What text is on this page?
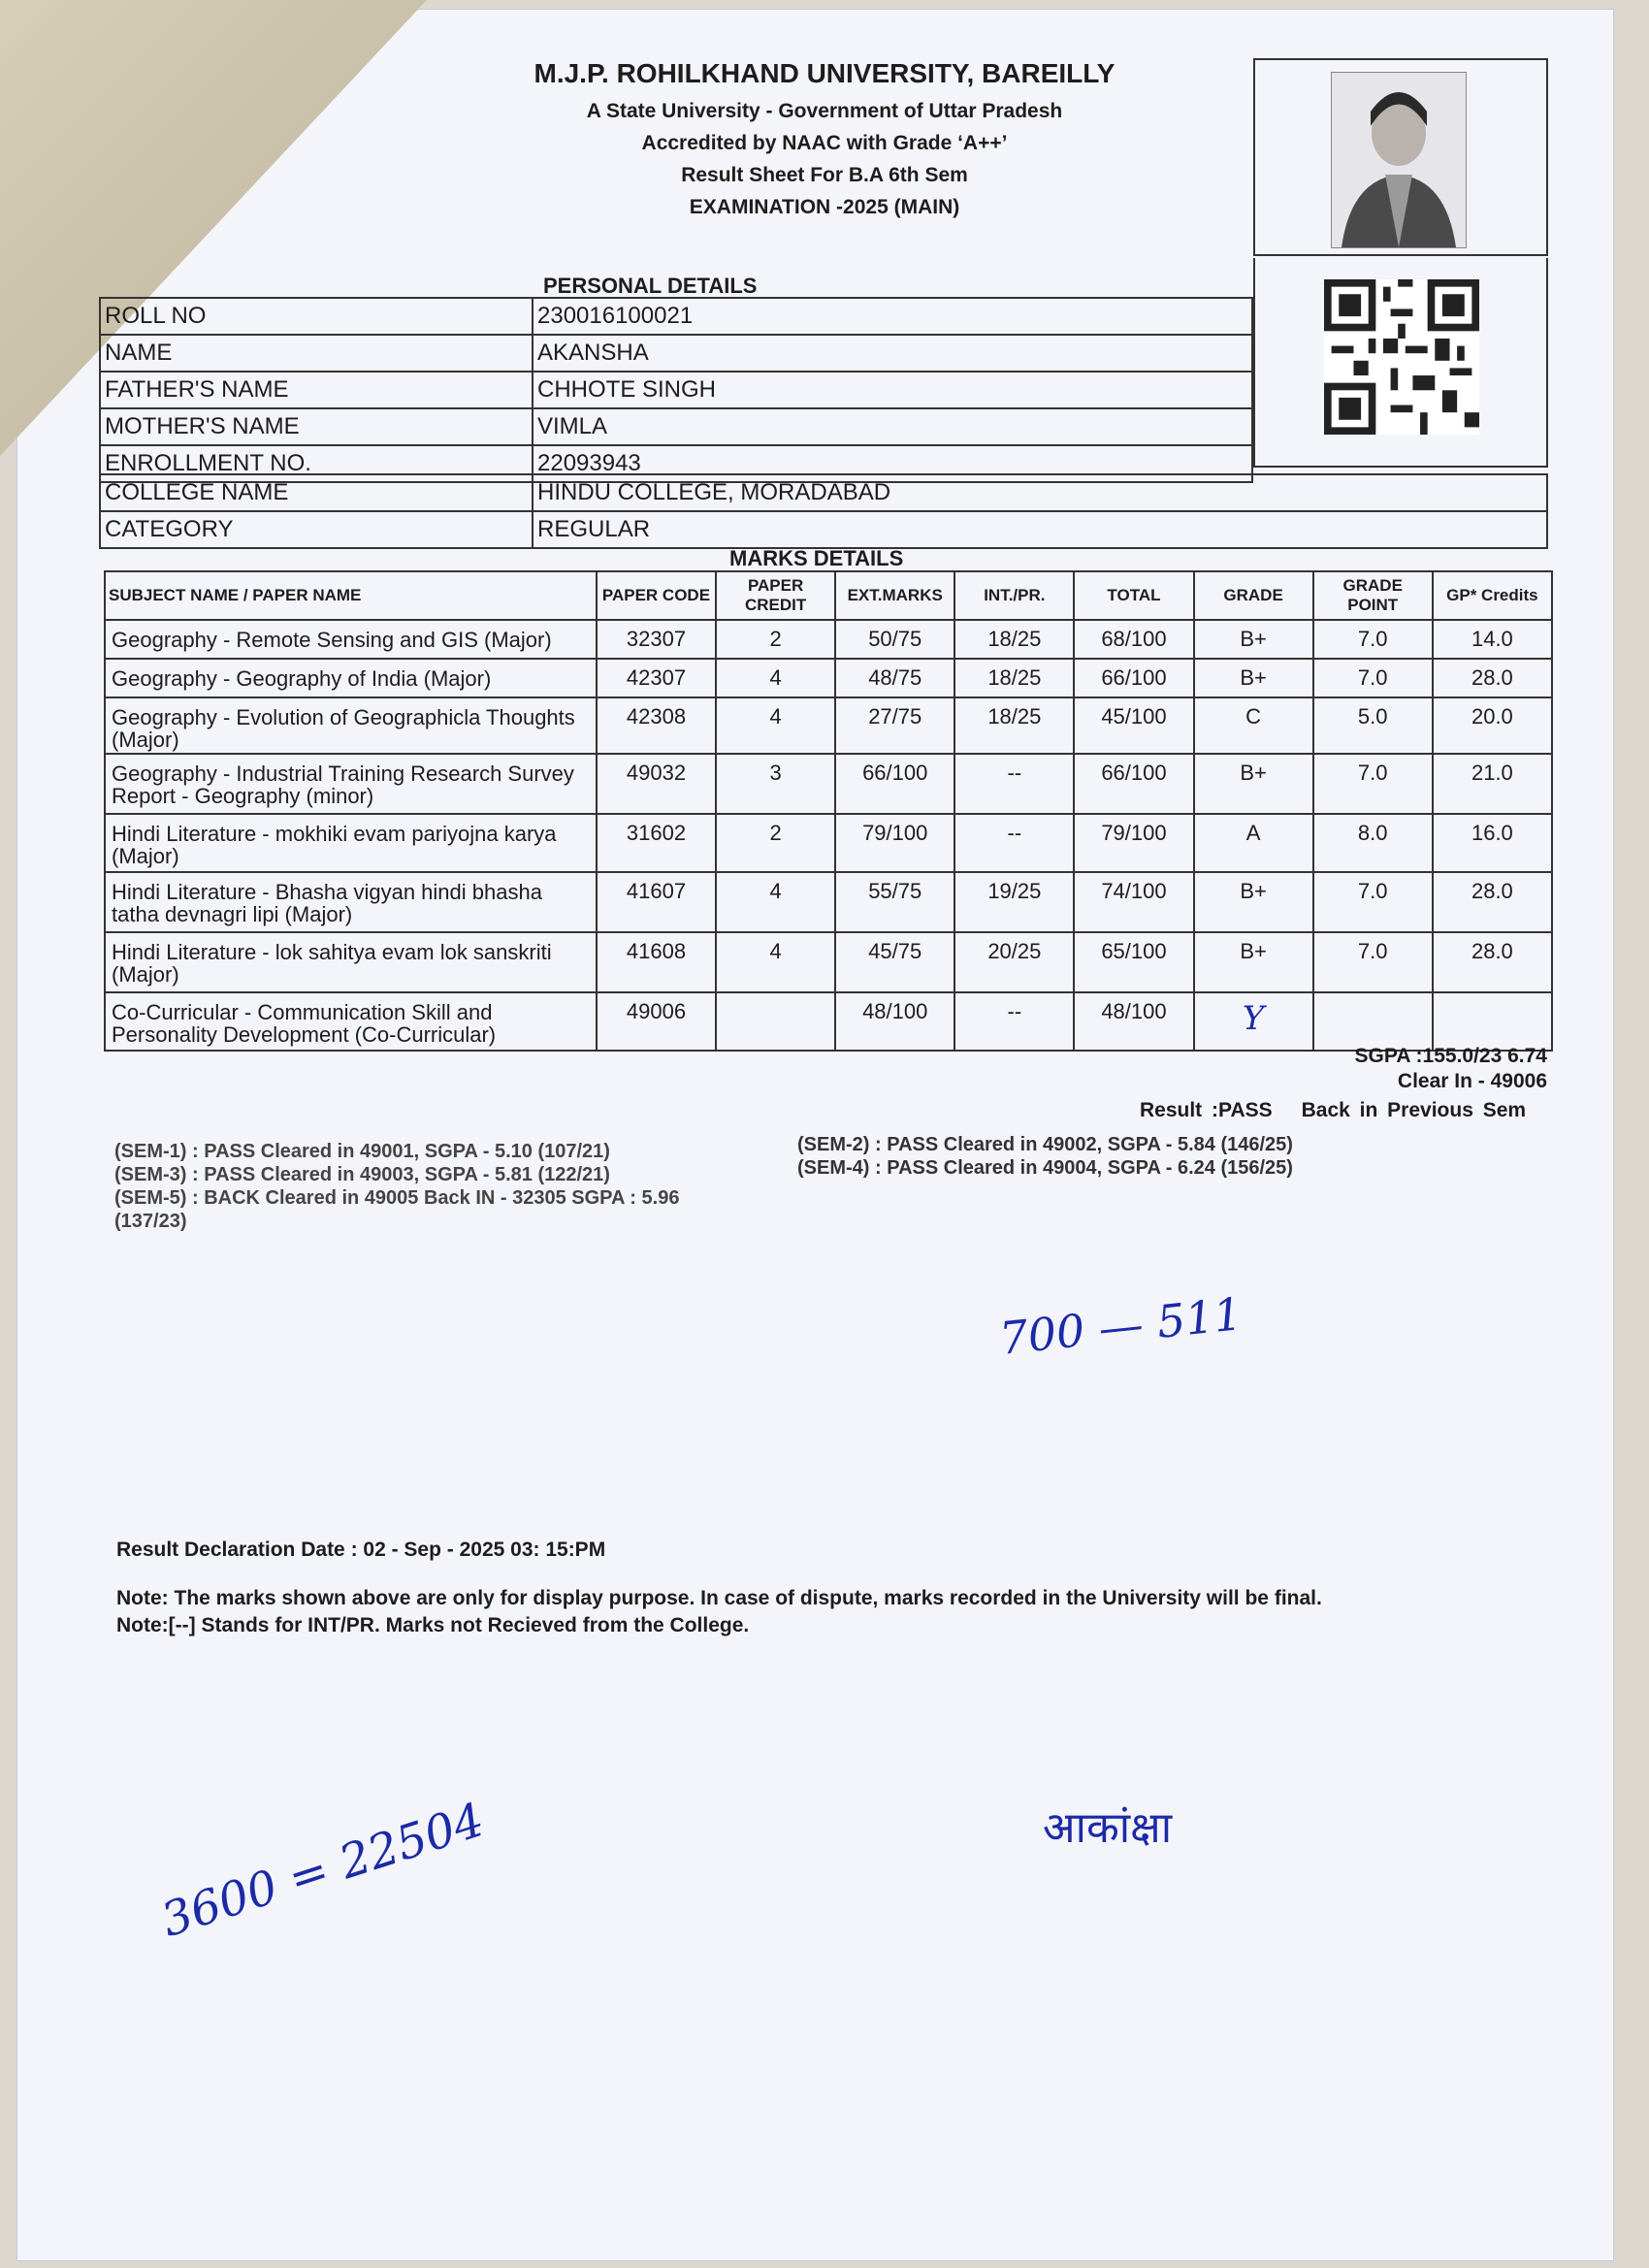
M.J.P. ROHILKHAND UNIVERSITY, BAREILLY
A State University - Government of Uttar Pradesh
Accredited by NAAC with Grade ‘A++’
Result Sheet For B.A 6th Sem
EXAMINATION -2025 (MAIN)
PERSONAL DETAILS
ROLL NO	230016100021
NAME	AKANSHA
FATHER'S NAME	CHHOTE SINGH
MOTHER'S NAME	VIMLA
ENROLLMENT NO.	22093943
COLLEGE NAME	HINDU COLLEGE, MORADABAD
CATEGORY	REGULAR
MARKS DETAILS
SUBJECT NAME / PAPER NAME	PAPER CODE	PAPER CREDIT	EXT.MARKS	INT./PR.	TOTAL	GRADE	GRADE POINT	GP* Credits
Geography - Remote Sensing and GIS (Major)	32307	2	50/75	18/25	68/100	B+	7.0	14.0
Geography - Geography of India (Major)	42307	4	48/75	18/25	66/100	B+	7.0	28.0
Geography - Evolution of Geographicla Thoughts (Major)	42308	4	27/75	18/25	45/100	C	5.0	20.0
Geography - Industrial Training Research Survey Report - Geography (minor)	49032	3	66/100	--	66/100	B+	7.0	21.0
Hindi Literature - mokhiki evam pariyojna karya (Major)	31602	2	79/100	--	79/100	A	8.0	16.0
Hindi Literature - Bhasha vigyan hindi bhasha tatha devnagri lipi (Major)	41607	4	55/75	19/25	74/100	B+	7.0	28.0
Hindi Literature - lok sahitya evam lok sanskriti (Major)	41608	4	45/75	20/25	65/100	B+	7.0	28.0
Co-Curricular - Communication Skill and Personality Development (Co-Curricular)	49006		48/100	--	48/100	Y		
SGPA :155.0/23 6.74
Clear In - 49006
Result :PASS Back in Previous Sem
(SEM-1) : PASS Cleared in 49001, SGPA - 5.10 (107/21)
(SEM-3) : PASS Cleared in 49003, SGPA - 5.81 (122/21)
(SEM-5) : BACK Cleared in 49005 Back IN - 32305 SGPA : 5.96 (137/23)
(SEM-2) : PASS Cleared in 49002, SGPA - 5.84 (146/25)
(SEM-4) : PASS Cleared in 49004, SGPA - 6.24 (156/25)
700 — 511
Result Declaration Date : 02 - Sep - 2025 03: 15:PM
Note: The marks shown above are only for display purpose. In case of dispute, marks recorded in the University will be final.
Note:[--] Stands for INT/PR. Marks not Recieved from the College.
3600 = 22504	आकांक्षा
